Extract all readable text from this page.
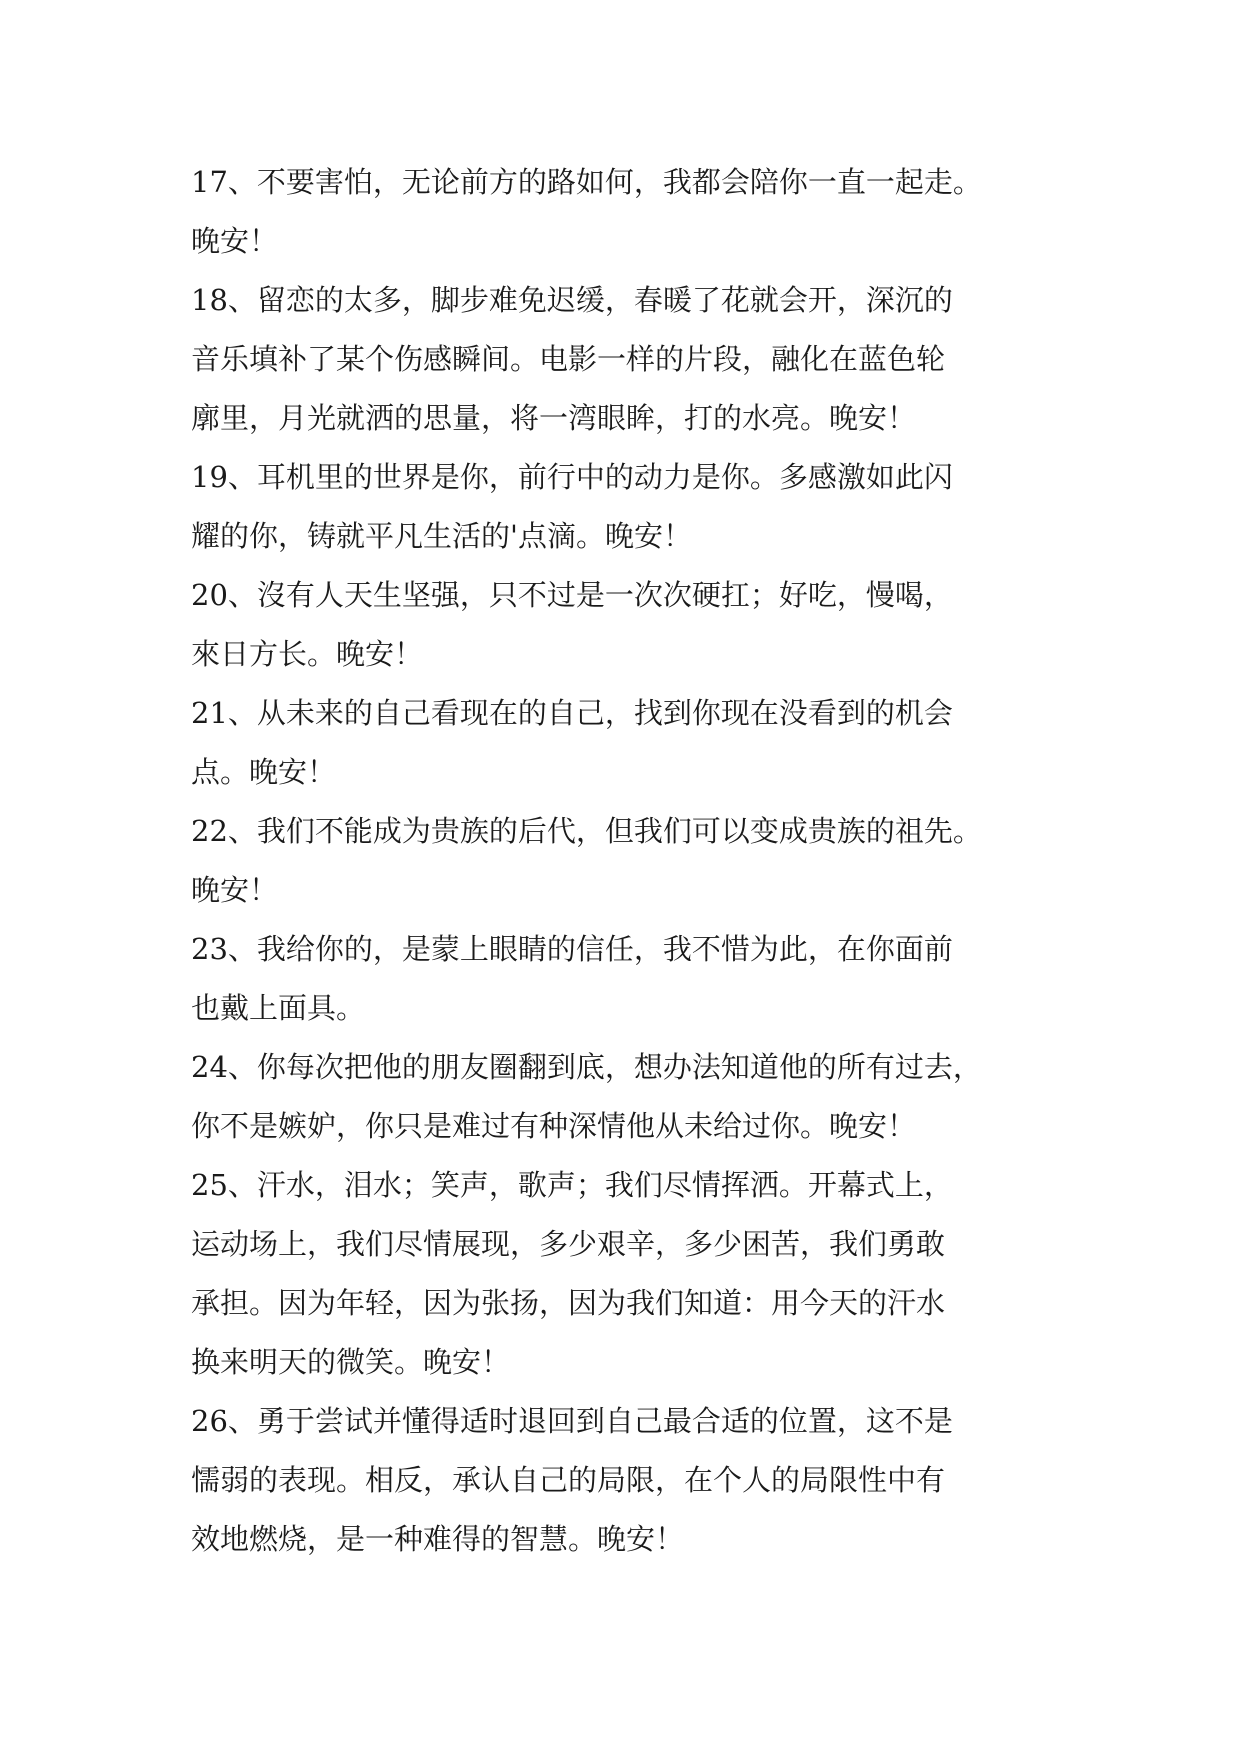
17、不要害怕，无论前方的路如何，我都会陪你一直一起走。
晚安！
18、留恋的太多，脚步难免迟缓，春暖了花就会开，深沉的
音乐填补了某个伤感瞬间。电影一样的片段，融化在蓝色轮
廓里，月光就洒的思量，将一湾眼眸，打的水亮。晚安！
19、耳机里的世界是你，前行中的动力是你。多感激如此闪
耀的你，铸就平凡生活的'点滴。晚安！
20、沒有人天生坚强，只不过是一次次硬扛；好吃，慢喝，
來日方长。晚安！
21、从未来的自己看现在的自己，找到你现在没看到的机会
点。晚安！
22、我们不能成为贵族的后代，但我们可以变成贵族的祖先。
晚安！
23、我给你的，是蒙上眼睛的信任，我不惜为此，在你面前
也戴上面具。
24、你每次把他的朋友圈翻到底，想办法知道他的所有过去，
你不是嫉妒，你只是难过有种深情他从未给过你。晚安！
25、汗水，泪水；笑声，歌声；我们尽情挥洒。开幕式上，
运动场上，我们尽情展现，多少艰辛，多少困苦，我们勇敢
承担。因为年轻，因为张扬，因为我们知道：用今天的汗水
换来明天的微笑。晚安！
26、勇于尝试并懂得适时退回到自己最合适的位置，这不是
懦弱的表现。相反，承认自己的局限，在个人的局限性中有
效地燃烧，是一种难得的智慧。晚安！
